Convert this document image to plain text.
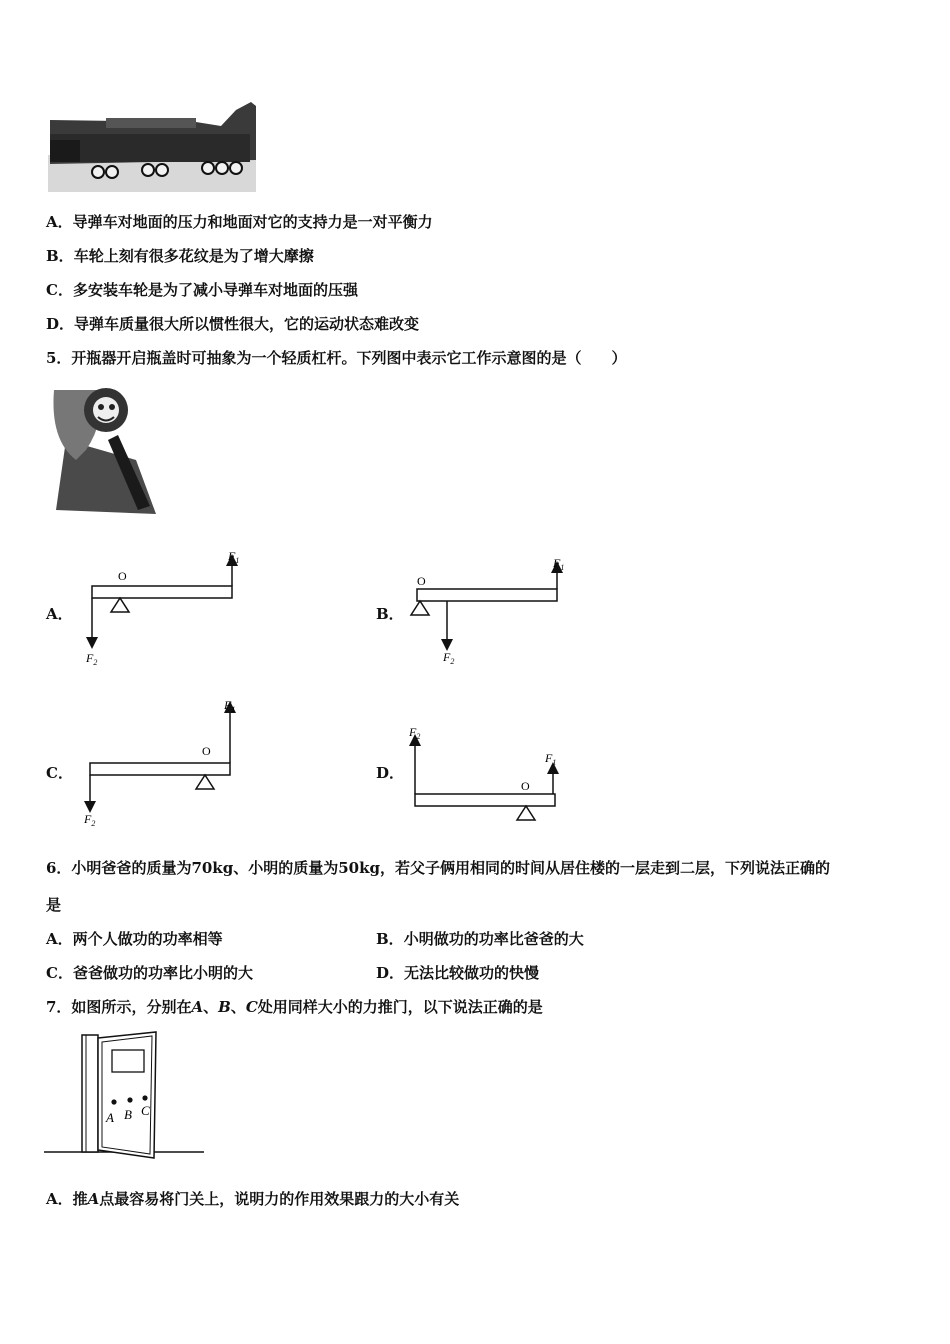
A．导弹车对地面的压力和地面对它的支持力是一对平衡力
B．车轮上刻有很多花纹是为了增大摩擦
C．多安装车轮是为了减小导弹车对地面的压强
D．导弹车质量很大所以惯性很大，它的运动状态难改变
5．开瓶器开启瓶盖时可抽象为一个轻质杠杆。下列图中表示它工作示意图的是（　　）
A．
O
$F_1$
$F_2$
B．
O
$F_1$
$F_2$
C．
O
$F_1$
$F_2$
D．
O
$F_2$
$F_1$
6．小明爸爸的质量为70kg、小明的质量为50kg，若父子俩用相同的时间从居住楼的一层走到二层，下列说法正确的
是
A．两个人做功的功率相等	B．小明做功的功率比爸爸的大
C．爸爸做功的功率比小明的大	D．无法比较做功的快慢
7．如图所示，分别在A、B、C处用同样大小的力推门，以下说法正确的是
A B C
A．推A点最容易将门关上，说明力的作用效果跟力的大小有关
